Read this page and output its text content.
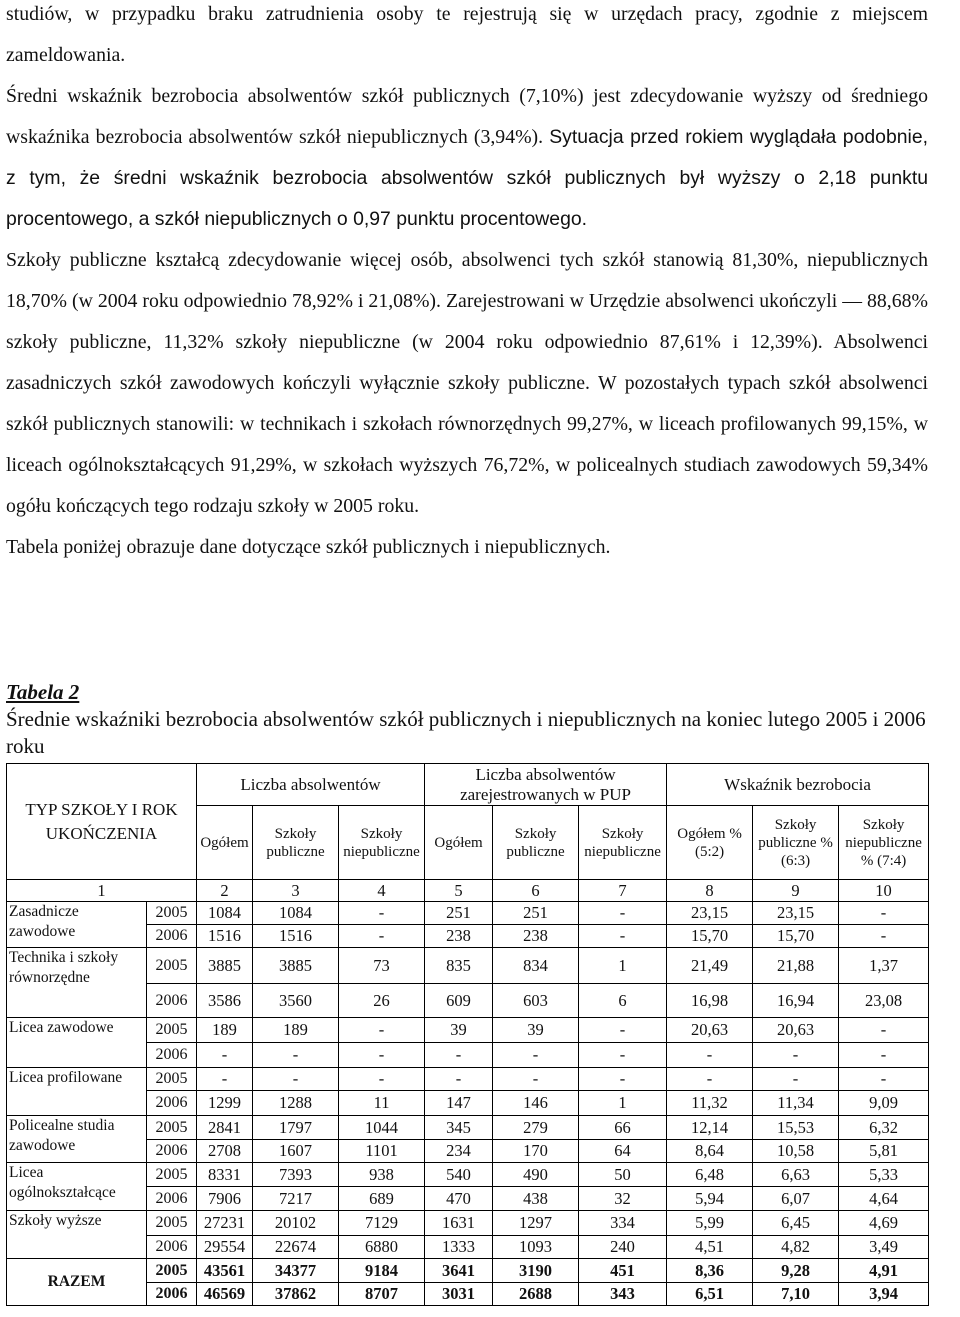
studiów, w przypadku braku zatrudnienia osoby te rejestrują się w urzędach pracy, zgodnie z miejscem zameldowania.

Średni wskaźnik bezrobocia absolwentów szkół publicznych (7,10%) jest zdecydowanie wyższy od średniego wskaźnika bezrobocia absolwentów szkół niepublicznych (3,94%). Sytuacja przed rokiem wyglądała podobnie, z tym, że średni wskaźnik bezrobocia absolwentów szkół publicznych był wyższy o 2,18 punktu procentowego, a szkół niepublicznych o 0,97 punktu procentowego.

Szkoły publiczne kształcą zdecydowanie więcej osób, absolwenci tych szkół stanowią 81,30%, niepublicznych 18,70% (w 2004 roku odpowiednio 78,92% i 21,08%). Zarejestrowani w Urzędzie absolwenci ukończyli — 88,68% szkoły publiczne, 11,32% szkoły niepubliczne (w 2004 roku odpowiednio 87,61% i 12,39%). Absolwenci zasadniczych szkół zawodowych kończyli wyłącznie szkoły publiczne. W pozostałych typach szkół absolwenci szkół publicznych stanowili: w technikach i szkołach równorzędnych 99,27%, w liceach profilowanych 99,15%, w liceach ogólnokształcących 91,29%, w szkołach wyższych 76,72%, w policealnych studiach zawodowych 59,34% ogółu kończących tego rodzaju szkoły w 2005 roku.

Tabela poniżej obrazuje dane dotyczące szkół publicznych i niepublicznych.

Tabela 2
Średnie wskaźniki bezrobocia absolwentów szkół publicznych i niepublicznych na koniec lutego 2005 i 2006 roku
TYP SZKOŁY I ROK UKOŃCZENIA		Liczba absolwentów			Liczba absolwentów zarejestrowanych w PUP			Wskaźnik bezrobocia		
		Ogółem	Szkoły publiczne	Szkoły niepubliczne	Ogółem	Szkoły publiczne	Szkoły niepubliczne	Ogółem % (5:2)	Szkoły publiczne % (6:3)	Szkoły niepubliczne % (7:4)
1		2	3	4	5	6	7	8	9	10
Zasadnicze zawodowe	2005	1084	1084	-	251	251	-	23,15	23,15	-
	2006	1516	1516	-	238	238	-	15,70	15,70	-
Technika i szkoły równorzędne	2005	3885	3885	73	835	834	1	21,49	21,88	1,37
	2006	3586	3560	26	609	603	6	16,98	16,94	23,08
Licea zawodowe	2005	189	189	-	39	39	-	20,63	20,63	-
	2006	-	-	-	-	-	-	-	-	-
Licea profilowane	2005	-	-	-	-	-	-	-	-	-
	2006	1299	1288	11	147	146	1	11,32	11,34	9,09
Policealne studia zawodowe	2005	2841	1797	1044	345	279	66	12,14	15,53	6,32
	2006	2708	1607	1101	234	170	64	8,64	10,58	5,81
Licea ogólnokształcące	2005	8331	7393	938	540	490	50	6,48	6,63	5,33
	2006	7906	7217	689	470	438	32	5,94	6,07	4,64
Szkoły wyższe	2005	27231	20102	7129	1631	1297	334	5,99	6,45	4,69
	2006	29554	22674	6880	1333	1093	240	4,51	4,82	3,49
RAZEM	2005	43561	34377	9184	3641	3190	451	8,36	9,28	4,91
	2006	46569	37862	8707	3031	2688	343	6,51	7,10	3,94
